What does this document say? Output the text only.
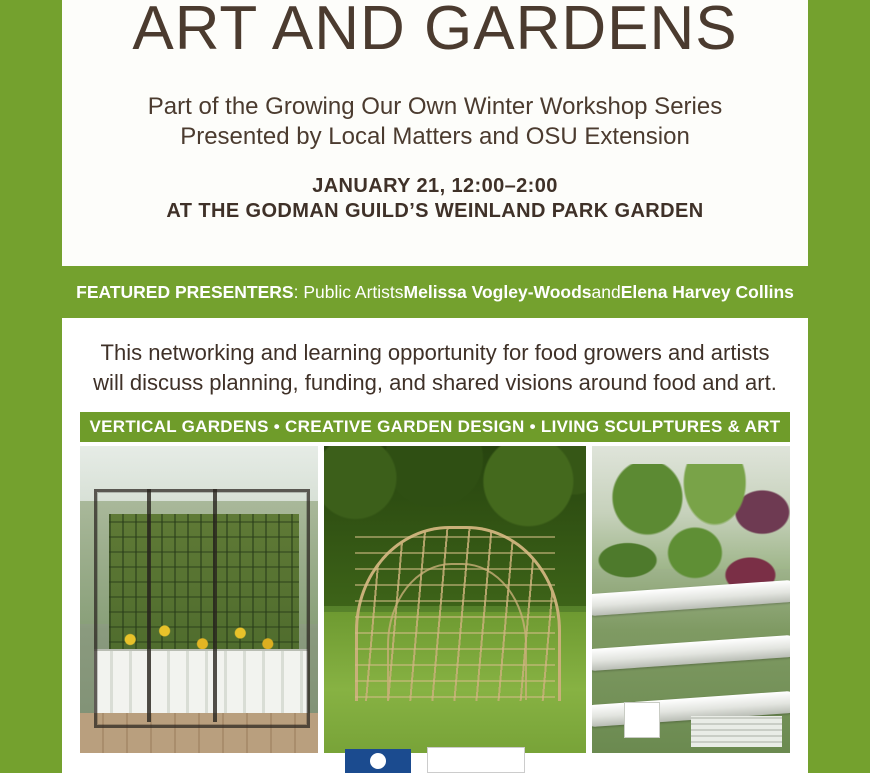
ART AND GARDENS

Part of the Growing Our Own Winter Workshop Series
Presented by Local Matters and OSU Extension

JANUARY 21, 12:00–2:00
AT THE GODMAN GUILD’S WEINLAND PARK GARDEN

FEATURED PRESENTERS : Public Artists Melissa Vogley-Woods and Elena Harvey Collins

This networking and learning opportunity for food growers and artists
will discuss planning, funding, and shared visions around food and art.

VERTICAL GARDENS • CREATIVE GARDEN DESIGN • LIVING SCULPTURES & ART
